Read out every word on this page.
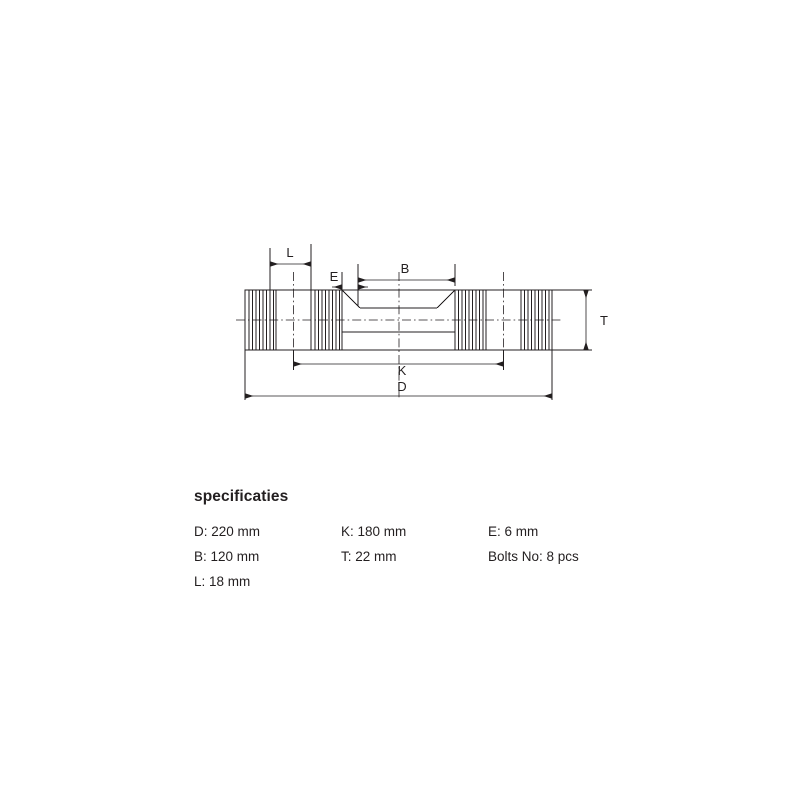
L
E
B
T
K
D
specificaties
D: 220 mm	K: 180 mm	E: 6 mm
B: 120 mm	T: 22 mm	Bolts No: 8 pcs
L: 18 mm
